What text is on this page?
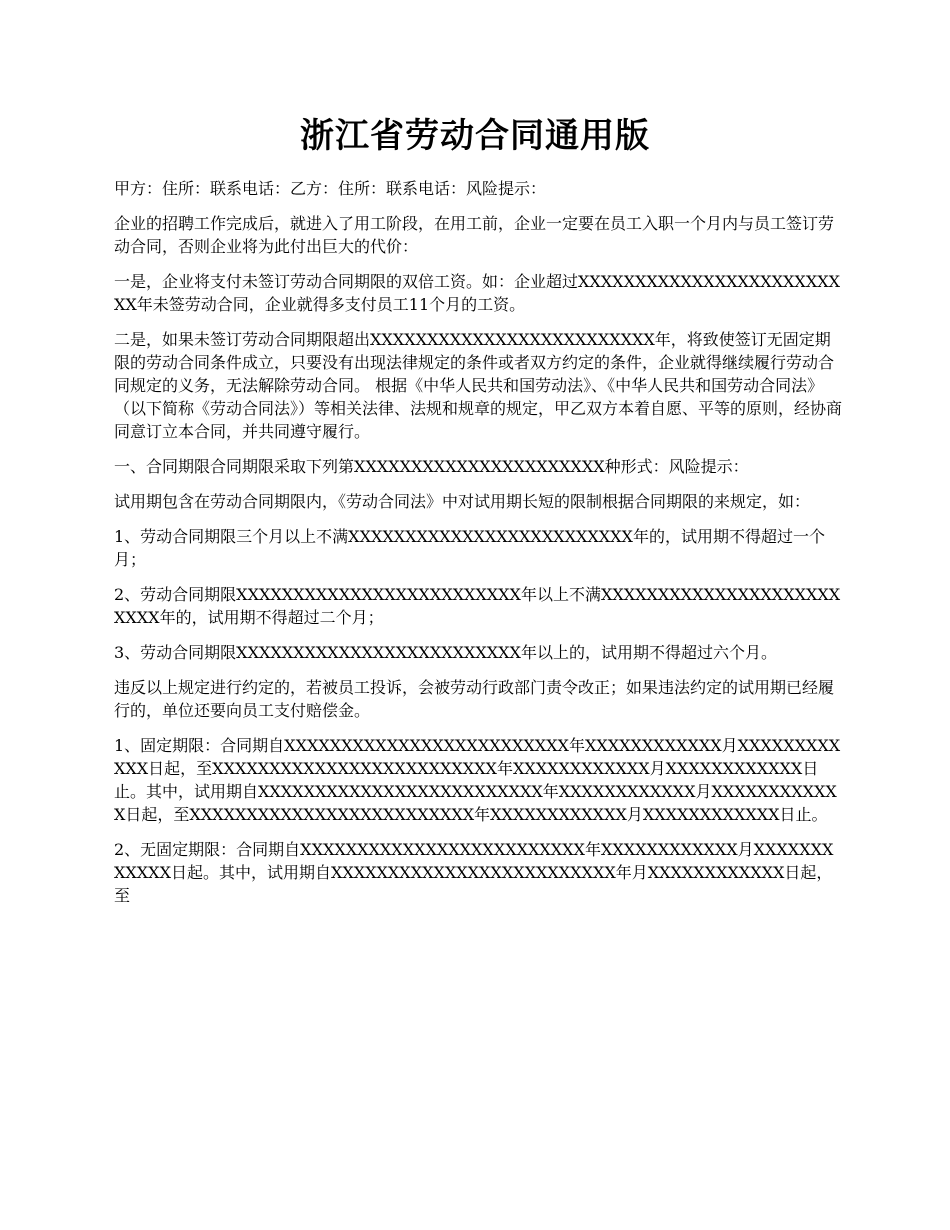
浙江省劳动合同通用版

甲方：住所：联系电话：乙方：住所：联系电话：风险提示：

企业的招聘工作完成后，就进入了用工阶段，在用工前，企业一定要在员工入职一个月内与员工签订劳动合同，否则企业将为此付出巨大的代价：

一是，企业将支付未签订劳动合同期限的双倍工资。如：企业超过XXXXXXXXXXXXXXXXXXXXXXXXX年未签劳动合同，企业就得多支付员工11个月的工资。

二是，如果未签订劳动合同期限超出XXXXXXXXXXXXXXXXXXXXXXXXX年，将致使签订无固定期限的劳动合同条件成立，只要没有出现法律规定的条件或者双方约定的条件，企业就得继续履行劳动合同规定的义务，无法解除劳动合同。 根据《中华人民共和国劳动法》、《中华人民共和国劳动合同法》（以下简称《劳动合同法》）等相关法律、法规和规章的规定，甲乙双方本着自愿、平等的原则，经协商同意订立本合同，并共同遵守履行。

一、合同期限合同期限采取下列第XXXXXXXXXXXXXXXXXXXXXX种形式：风险提示：

试用期包含在劳动合同期限内，《劳动合同法》中对试用期长短的限制根据合同期限的来规定，如：

1、劳动合同期限三个月以上不满XXXXXXXXXXXXXXXXXXXXXXXXX年的，试用期不得超过一个月；

2、劳动合同期限XXXXXXXXXXXXXXXXXXXXXXXXX年以上不满XXXXXXXXXXXXXXXXXXXXXXXXX年的，试用期不得超过二个月；

3、劳动合同期限XXXXXXXXXXXXXXXXXXXXXXXXX年以上的，试用期不得超过六个月。

违反以上规定进行约定的，若被员工投诉，会被劳动行政部门责令改正；如果违法约定的试用期已经履行的，单位还要向员工支付赔偿金。

1、固定期限：合同期自XXXXXXXXXXXXXXXXXXXXXXXXX年XXXXXXXXXXXX月XXXXXXXXXXXX日起，至XXXXXXXXXXXXXXXXXXXXXXXXX年XXXXXXXXXXXX月XXXXXXXXXXXX日止。其中，试用期自XXXXXXXXXXXXXXXXXXXXXXXXX年XXXXXXXXXXXX月XXXXXXXXXXXX日起，至XXXXXXXXXXXXXXXXXXXXXXXXX年XXXXXXXXXXXX月XXXXXXXXXXXX日止。

2、无固定期限：合同期自XXXXXXXXXXXXXXXXXXXXXXXXX年XXXXXXXXXXXX月XXXXXXXXXXXX日起。其中，试用期自XXXXXXXXXXXXXXXXXXXXXXXXX年月XXXXXXXXXXXX日起，至
